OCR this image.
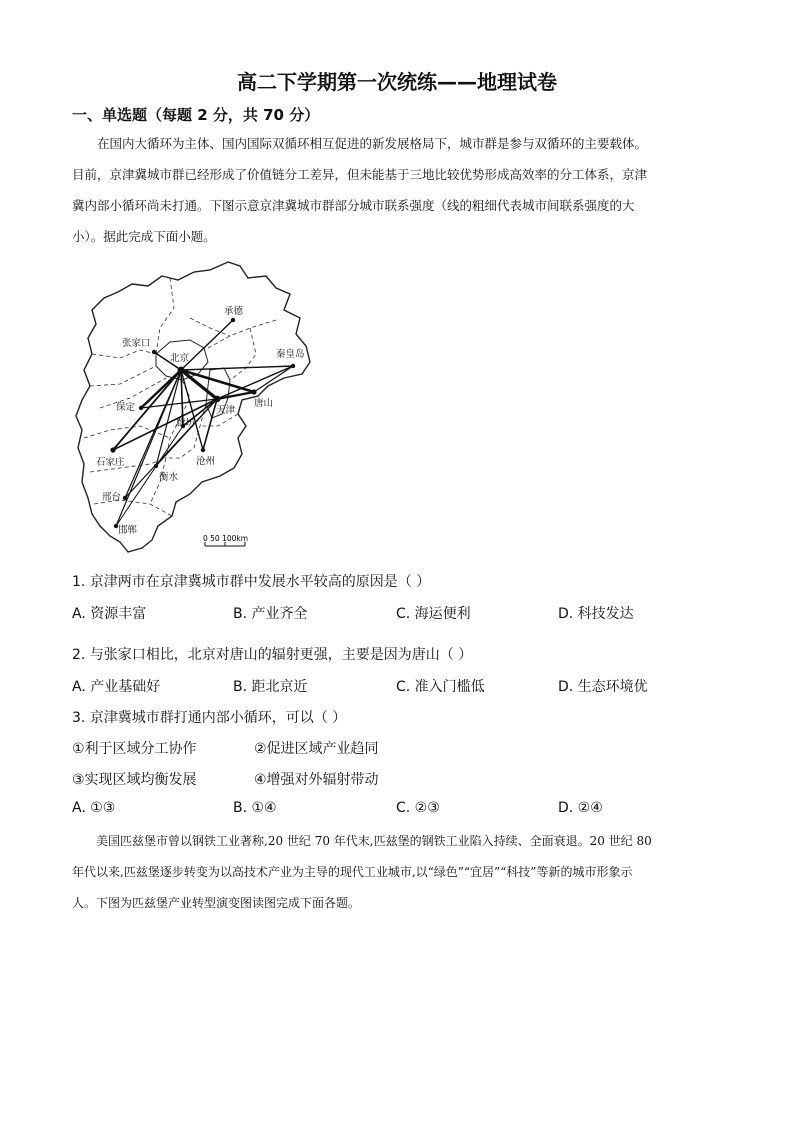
高二下学期第一次统练——地理试卷
一、单选题（每题 2 分，共 70 分）

在国内大循环为主体、国内国际双循环相互促进的新发展格局下，城市群是参与双循环的主要载体。

目前，京津冀城市群已经形成了价值链分工差异，但未能基于三地比较优势形成高效率的分工体系，京津
冀内部小循环尚未打通。下图示意京津冀城市群部分城市联系强度（线的粗细代表城市间联系强度的大
小）。据此完成下面小题。
承德
张家口
北京	秦皇岛
保定	天津
唐山
廊坊
石家庄	沧州
衡水
邢台
邯郸
0 50 100km
1. 京津两市在京津冀城市群中发展水平较高的原因是（ ）
A. 资源丰富	B. 产业齐全	C. 海运便利	D. 科技发达
2. 与张家口相比，北京对唐山的辐射更强，主要是因为唐山（ ）
A. 产业基础好	B. 距北京近	C. 准入门槛低	D. 生态环境优
3. 京津冀城市群打通内部小循环，可以（ ）
①利于区域分工协作	②促进区域产业趋同
③实现区域均衡发展	④增强对外辐射带动
A. ①③	B. ①④	C. ②③	D. ②④

美国匹兹堡市曾以钢铁工业著称,20 世纪 70 年代末,匹兹堡的钢铁工业陷入持续、全面衰退。20 世纪 80

年代以来,匹兹堡逐步转变为以高技术产业为主导的现代工业城市,以“绿色”“宜居”“科技”等新的城市形象示
人。下图为匹兹堡产业转型演变图读图完成下面各题。
